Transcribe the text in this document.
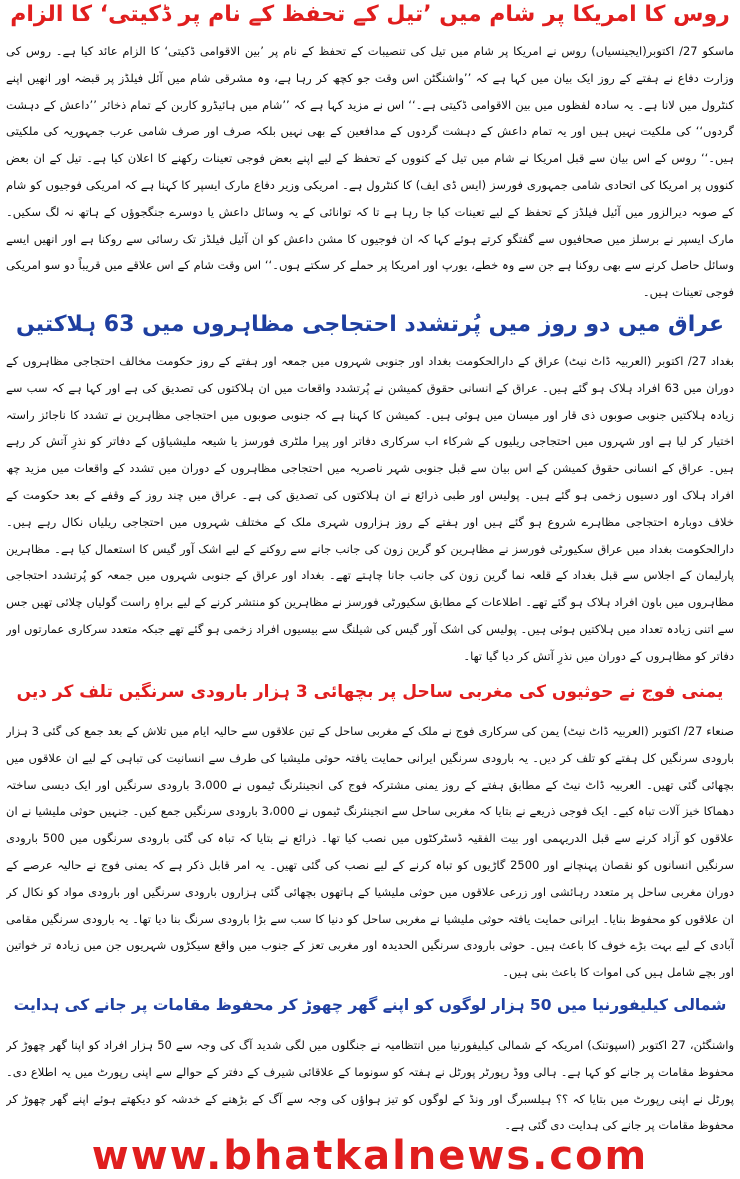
روس کا امریکا پر شام میں ’تیل کے تحفظ کے نام پر ڈکیتی‘ کا الزام
ماسکو 27/ اکتوبر(ایجینسیاں) روس نے امریکا پر شام میں تیل کی تنصیبات کے تحفظ کے نام پر ’بین الاقوامی ڈکیتی‘ کا الزام عائد کیا ہے۔ روس کی وزارت دفاع نے ہفتے کے روز ایک بیان میں کہا ہے کہ ’’واشنگٹن اس وقت جو کچھ کر رہا ہے، وہ مشرقی شام میں آئل فیلڈز پر قبضہ اور انھیں اپنے کنٹرول میں لانا ہے۔ یہ سادہ لفظوں میں بین الاقوامی ڈکیتی ہے۔‘‘ اس نے مزید کہا ہے کہ ’’شام میں ہائیڈرو کاربن کے تمام ذخائر ’’داعش کے دہشت گردوں‘‘ کی ملکیت نہیں ہیں اور یہ تمام داعش کے دہشت گردوں کے مدافعین کے بھی نہیں بلکہ صرف اور صرف شامی عرب جمہوریہ کی ملکیتی ہیں۔‘‘ روس کے اس بیان سے قبل امریکا نے شام میں تیل کے کنووں کے تحفظ کے لیے اپنے بعض فوجی تعینات رکھنے کا اعلان کیا ہے۔ تیل کے ان بعض کنووں پر امریکا کی اتحادی شامی جمہوری فورسز (ایس ڈی ایف) کا کنٹرول ہے۔ امریکی وزیر دفاع مارک ایسپر کا کہنا ہے کہ امریکی فوجیوں کو شام کے صوبہ دیرالزور میں آئیل فیلڈز کے تحفظ کے لیے تعینات کیا جا رہا ہے تا کہ توانائی کے یہ وسائل داعش یا دوسرے جنگجوؤں کے ہاتھ نہ لگ سکیں۔ مارک ایسپر نے برسلز میں صحافیوں سے گفتگو کرتے ہوئے کہا کہ ان فوجیوں کا مشن داعش کو ان آئیل فیلڈز تک رسائی سے روکنا ہے اور انھیں ایسے وسائل حاصل کرنے سے بھی روکنا ہے جن سے وہ خطے، یورپ اور امریکا پر حملے کر سکتے ہوں۔‘‘ اس وقت شام کے اس علاقے میں قریباً دو سو امریکی فوجی تعینات ہیں۔
عراق میں دو روز میں پُرتشدد احتجاجی مظاہروں میں 63 ہلاکتیں
بغداد 27/ اکتوبر (العربیہ ڈاٹ نیٹ) عراق کے دارالحکومت بغداد اور جنوبی شہروں میں جمعہ اور ہفتے کے روز حکومت مخالف احتجاجی مظاہروں کے دوران میں 63 افراد ہلاک ہو گئے ہیں۔ عراق کے انسانی حقوق کمیشن نے پُرتشدد واقعات میں ان ہلاکتوں کی تصدیق کی ہے اور کہا ہے کہ سب سے زیادہ ہلاکتیں جنوبی صوبوں ذی قار اور میسان میں ہوئی ہیں۔ کمیشن کا کہنا ہے کہ جنوبی صوبوں میں احتجاجی مظاہرین نے تشدد کا ناجائز راستہ اختیار کر لیا ہے اور شہروں میں احتجاجی ریلیوں کے شرکاء اب سرکاری دفاتر اور پیرا ملٹری فورسز یا شیعہ ملیشیاؤں کے دفاتر کو نذرِ آتش کر رہے ہیں۔ عراق کے انسانی حقوق کمیشن کے اس بیان سے قبل جنوبی شہر ناصریہ میں احتجاجی مظاہروں کے دوران میں تشدد کے واقعات میں مزید چھ افراد ہلاک اور دسیوں زخمی ہو گئے ہیں۔ پولیس اور طبی ذرائع نے ان ہلاکتوں کی تصدیق کی ہے۔ عراق میں چند روز کے وقفے کے بعد حکومت کے خلاف دوبارہ احتجاجی مظاہرے شروع ہو گئے ہیں اور ہفتے کے روز ہزاروں شہری ملک کے مختلف شہروں میں احتجاجی ریلیاں نکال رہے ہیں۔ دارالحکومت بغداد میں عراق سکیورٹی فورسز نے مظاہرین کو گرین زون کی جانب جانے سے روکنے کے لیے اشک آور گیس کا استعمال کیا ہے۔ مظاہرین پارلیمان کے اجلاس سے قبل بغداد کے قلعہ نما گرین زون کی جانب جانا چاہتے تھے۔ بغداد اور عراق کے جنوبی شہروں میں جمعہ کو پُرتشدد احتجاجی مظاہروں میں باون افراد ہلاک ہو گئے تھے۔ اطلاعات کے مطابق سکیورٹی فورسز نے مظاہرین کو منتشر کرنے کے لیے براہِ راست گولیاں چلائی تھیں جس سے اتنی زیادہ تعداد میں ہلاکتیں ہوئی ہیں۔ پولیس کی اشک آور گیس کی شیلنگ سے بیسیوں افراد زخمی ہو گئے تھے جبکہ متعدد سرکاری عمارتوں اور دفاتر کو مظاہروں کے دوران میں نذرِ آتش کر دیا گیا تھا۔
یمنی فوج نے حوثیوں کی مغربی ساحل پر بچھائی 3 ہزار بارودی سرنگیں تلف کر دیں
صنعاء 27/ اکتوبر (العربیہ ڈاٹ نیٹ) یمن کی سرکاری فوج نے ملک کے مغربی ساحل کے تین علاقوں سے حالیہ ایام میں تلاش کے بعد جمع کی گئی 3 ہزار بارودی سرنگیں کل ہفتے کو تلف کر دیں۔ یہ بارودی سرنگیں ایرانی حمایت یافتہ حوثی ملیشیا کی طرف سے انسانیت کی تباہی کے لیے ان علاقوں میں بچھائی گئی تھیں۔ العربیہ ڈاٹ نیٹ کے مطابق ہفتے کے روز یمنی مشترکہ فوج کی انجینئرنگ ٹیموں نے 3،000 بارودی سرنگیں اور ایک دیسی ساختہ دھماکا خیز آلات تباہ کیے۔ ایک فوجی ذریعے نے بتایا کہ مغربی ساحل سے انجینئرنگ ٹیموں نے 3،000 بارودی سرنگیں جمع کیں۔ جنہیں حوثی ملیشیا نے ان علاقوں کو آزاد کرنے سے قبل الدریہمی اور بیت الفقیہ ڈسٹرکٹوں میں نصب کیا تھا۔ ذرائع نے بتایا کہ تباہ کی گئی بارودی سرنگوں میں 500 بارودی سرنگیں انسانوں کو نقصان پہنچانے اور 2500 گاڑیوں کو تباہ کرنے کے لیے نصب کی گئی تھیں۔ یہ امر قابل ذکر ہے کہ یمنی فوج نے حالیہ عرصے کے دوران مغربی ساحل پر متعدد رہائشی اور زرعی علاقوں میں حوثی ملیشیا کے ہاتھوں بچھائی گئی ہزاروں بارودی سرنگیں اور بارودی مواد کو نکال کر ان علاقوں کو محفوظ بنایا۔ ایرانی حمایت یافتہ حوثی ملیشیا نے مغربی ساحل کو دنیا کا سب سے بڑا بارودی سرنگ بنا دیا تھا۔ یہ بارودی سرنگیں مقامی آبادی کے لیے بہت بڑے خوف کا باعث ہیں۔ حوثی بارودی سرنگیں الحدیدہ اور مغربی تعز کے جنوب میں واقع سیکڑوں شہریوں جن میں زیادہ تر خواتین اور بچے شامل ہیں کی اموات کا باعث بنی ہیں۔
شمالی کیلیفورنیا میں 50 ہزار لوگوں کو اپنے گھر چھوڑ کر محفوظ مقامات پر جانے کی ہدایت
واشنگٹن، 27 اکتوبر (اسپوتنک) امریکہ کے شمالی کیلیفورنیا میں انتظامیہ نے جنگلوں میں لگی شدید آگ کی وجہ سے 50 ہزار افراد کو اپنا گھر چھوڑ کر محفوظ مقامات پر جانے کو کہا ہے۔ ہالی ووڈ رپورٹر پورٹل نے ہفتہ کو سونوما کے علاقائی شیرف کے دفتر کے حوالے سے اپنی رپورٹ میں یہ اطلاع دی۔ پورٹل نے اپنی رپورٹ میں بتایا کہ ؟؟ ہیلسبرگ اور ونڈ کے لوگوں کو تیز ہواؤں کی وجہ سے آگ کے بڑھنے کے خدشہ کو دیکھتے ہوئے اپنے گھر چھوڑ کر محفوظ مقامات پر جانے کی ہدایت دی گئی ہے۔
www.bhatkalnews.com
